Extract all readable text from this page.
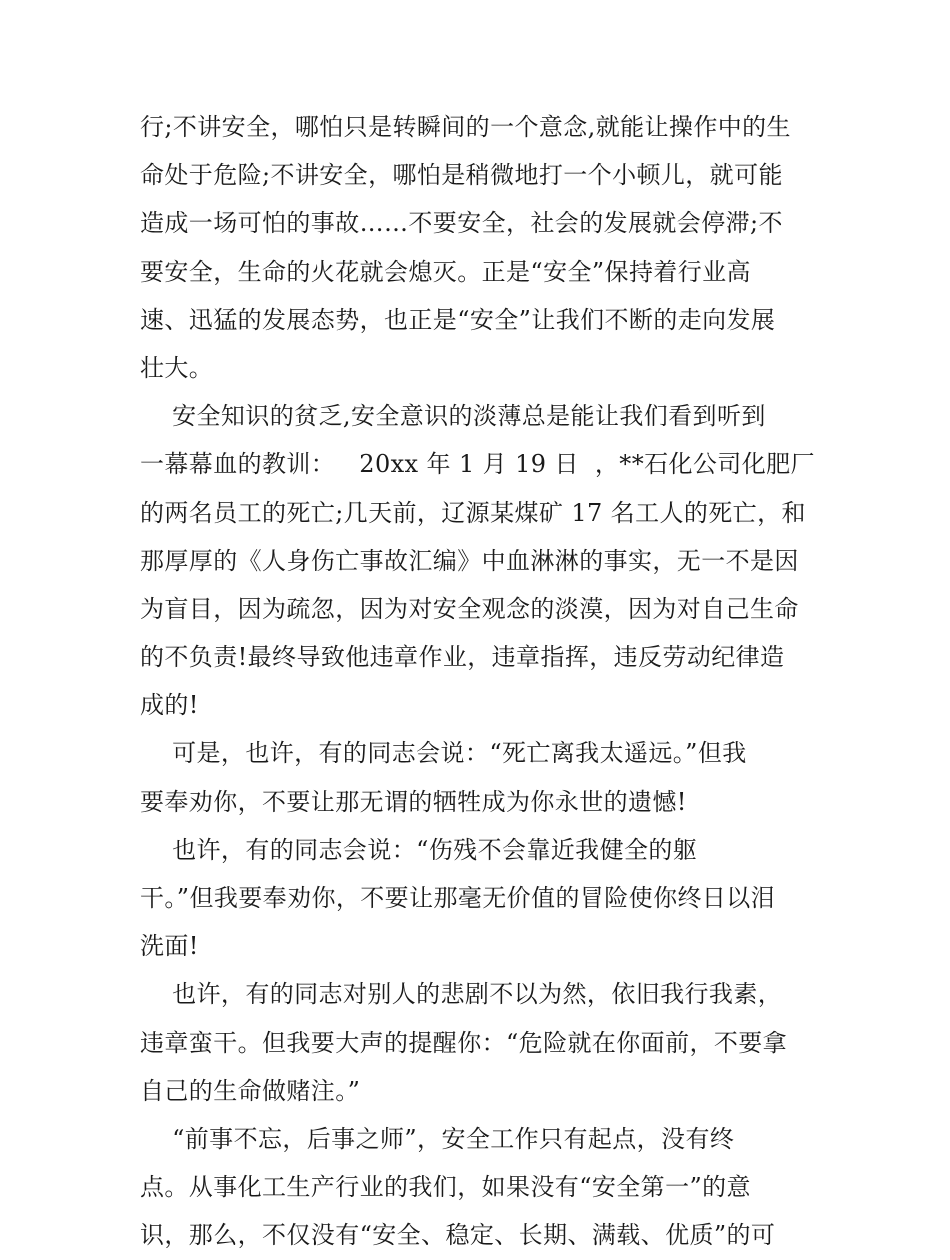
行;不讲安全，哪怕只是转瞬间的一个意念,就能让操作中的生
命处于危险;不讲安全，哪怕是稍微地打一个小顿儿，就可能
造成一场可怕的事故……不要安全，社会的发展就会停滞;不
要安全，生命的火花就会熄灭。正是“安全”保持着行业高
速、迅猛的发展态势，也正是“安全”让我们不断的走向发展
壮大。
安全知识的贫乏,安全意识的淡薄总是能让我们看到听到
一幕幕血的教训：   20xx 年 1 月 19 日  ，**石化公司化肥厂
的两名员工的死亡;几天前，辽源某煤矿 17 名工人的死亡，和
那厚厚的《人身伤亡事故汇编》中血淋淋的事实，无一不是因
为盲目，因为疏忽，因为对安全观念的淡漠，因为对自己生命
的不负责!最终导致他违章作业，违章指挥，违反劳动纪律造
成的!
可是，也许，有的同志会说：“死亡离我太遥远。”但我
要奉劝你，不要让那无谓的牺牲成为你永世的遗憾!
也许，有的同志会说：“伤残不会靠近我健全的躯
干。”但我要奉劝你，不要让那毫无价值的冒险使你终日以泪
洗面!
也许，有的同志对别人的悲剧不以为然，依旧我行我素，
违章蛮干。但我要大声的提醒你：“危险就在你面前，不要拿
自己的生命做赌注。”
“前事不忘，后事之师”，安全工作只有起点，没有终
点。从事化工生产行业的我们，如果没有“安全第一”的意
识，那么，不仅没有“安全、稳定、长期、满载、优质”的可
